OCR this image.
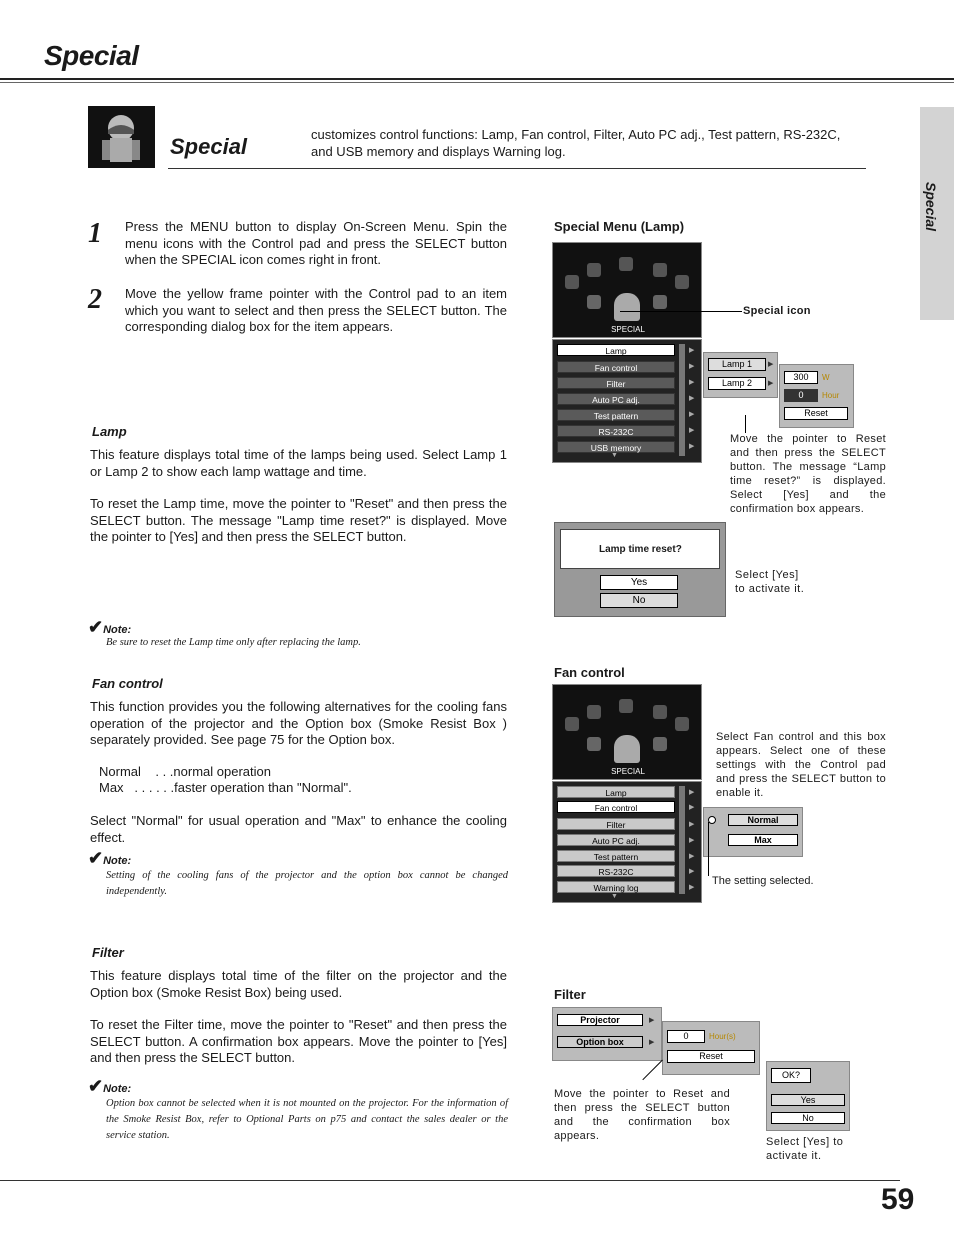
Special
Special
Special	customizes control functions: Lamp, Fan control, Filter, Auto PC adj., Test pattern, RS-232C, and USB memory and displays Warning log.
1 Press the MENU button to display On-Screen Menu. Spin the menu icons with the Control pad and press the SELECT button when the SPECIAL icon comes right in front.
2 Move the yellow frame pointer with the Control pad to an item which you want to select and then press the SELECT button. The corresponding dialog box for the item appears.
Lamp
This feature displays total time of the lamps being used. Select Lamp 1 or Lamp 2 to show each lamp wattage and time.
To reset the Lamp time, move the pointer to "Reset" and then press the SELECT button. The message "Lamp time reset?" is displayed. Move the pointer to [Yes] and then press the SELECT button.
✔Note:
Be sure to reset the Lamp time only after replacing the lamp.
Fan control
This function provides you the following alternatives for the cooling fans operation of the projector and the Option box (Smoke Resist Box ) separately provided. See page 75 for the Option box.
Normal    . . .normal operation
Max   . . . . . .faster operation than "Normal".
Select "Normal" for usual operation and "Max" to enhance the cooling effect.
✔Note:
Setting of the cooling fans of the projector and the option box cannot be changed independently.
Filter
This feature displays total time of the filter on the projector and the Option box (Smoke Resist Box) being used.
To reset the Filter time, move the pointer to "Reset" and then press the SELECT button. A confirmation box appears. Move the pointer to [Yes] and then press the SELECT button.
✔Note:
Option box cannot be selected when it is not mounted on the projector. For the information of the Smoke Resist Box, refer to Optional Parts on p75 and contact the sales dealer or the service station.
Special Menu (Lamp)
SPECIAL
Special icon
Lamp
Fan control
Filter
Auto PC adj.
Test pattern
RS-232C
USB memory
▶
▶
▶
▶
▶
▶
▶
▼
Lamp 1
Lamp 2
▶
▶
300	W
0	Hour
Reset
Move the pointer to Reset and then press the SELECT button. The message “Lamp time reset?” is displayed. Select [Yes] and the confirmation box appears.
Lamp time reset?
Yes
No
Select [Yes] to activate it.
Fan control
SPECIAL
Lamp
Fan control
Filter
Auto PC adj.
Test pattern
RS-232C
Warning log
▶
▶
▶
▶
▶
▶
▶
▼
Normal
Max
Select Fan control and this box appears. Select one of these settings with the Control pad and press the SELECT button to enable it.
The setting selected.
Filter
Projector
Option box
▶
▶
0	Hour(s)
Reset
Move the pointer to Reset and then press the SELECT button and the confirmation box appears.
OK?
Yes
No
Select [Yes] to activate it.
59
